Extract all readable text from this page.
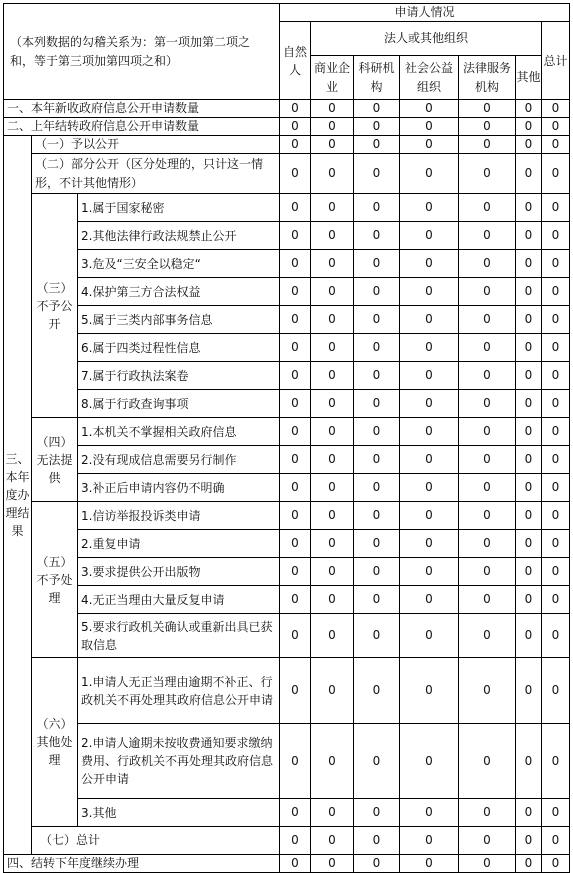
（本列数据的勾稽关系为：第一项加第二项之和，等于第三项加第四项之和）			申请人情况						
			自然人	法人或其他组织					总计
				商业企业	科研机构	社会公益组织	法律服务机构	其他	
一、本年新收政府信息公开申请数量			0	0	0	0	0	0	0
二、上年结转政府信息公开申请数量			0	0	0	0	0	0	0
三、本年度办理结果	（一）予以公开		0	0	0	0	0	0	0
	（二）部分公开（区分处理的，只计这一情形，不计其他情形）		0	0	0	0	0	0	0
	（三）不予公开	1.属于国家秘密	0	0	0	0	0	0	0
		2.其他法律行政法规禁止公开	0	0	0	0	0	0	0
		3.危及“三安全以稳定“	0	0	0	0	0	0	0
		4.保护第三方合法权益	0	0	0	0	0	0	0
		5.属于三类内部事务信息	0	0	0	0	0	0	0
		6.属于四类过程性信息	0	0	0	0	0	0	0
		7.属于行政执法案卷	0	0	0	0	0	0	0
		8.属于行政查询事项	0	0	0	0	0	0	0
	（四）无法提供	1.本机关不掌握相关政府信息	0	0	0	0	0	0	0
		2.没有现成信息需要另行制作	0	0	0	0	0	0	0
		3.补正后申请内容仍不明确	0	0	0	0	0	0	0
	（五）不予处理	1.信访举报投诉类申请	0	0	0	0	0	0	0
		2.重复申请	0	0	0	0	0	0	0
		3.要求提供公开出版物	0	0	0	0	0	0	0
		4.无正当理由大量反复申请	0	0	0	0	0	0	0
		5.要求行政机关确认或重新出具已获取信息	0	0	0	0	0	0	0
	（六）其他处理	1.申请人无正当理由逾期不补正、行政机关不再处理其政府信息公开申请	0	0	0	0	0	0	0
		2.申请人逾期未按收费通知要求缴纳费用、行政机关不再处理其政府信息公开申请	0	0	0	0	0	0	0
		3.其他	0	0	0	0	0	0	0
	（七）总计		0	0	0	0	0	0	0
四、结转下年度继续办理			0	0	0	0	0	0	0
